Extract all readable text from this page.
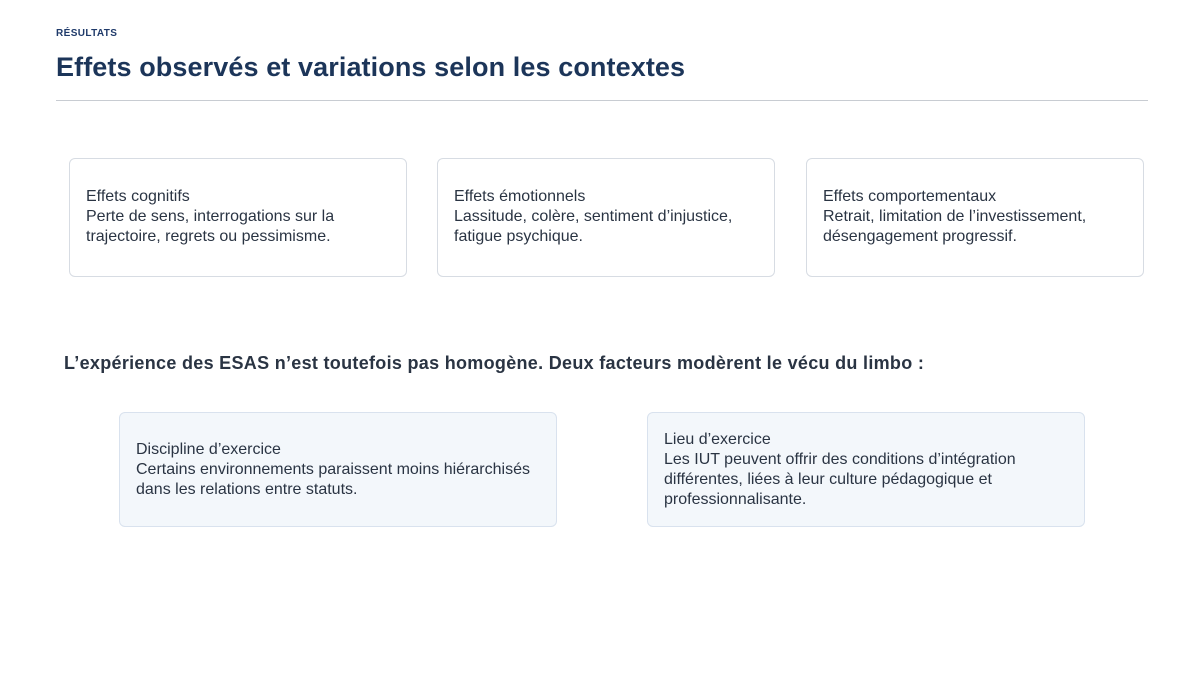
RÉSULTATS
Effets observés et variations selon les contextes
Effets cognitifs
Perte de sens, interrogations sur la
trajectoire, regrets ou pessimisme.
Effets émotionnels
Lassitude, colère, sentiment d’injustice,
fatigue psychique.
Effets comportementaux
Retrait, limitation de l’investissement,
désengagement progressif.
L’expérience des ESAS n’est toutefois pas homogène. Deux facteurs modèrent le vécu du limbo :
Discipline d’exercice
Certains environnements paraissent moins hiérarchisés
dans les relations entre statuts.
Lieu d’exercice
Les IUT peuvent offrir des conditions d’intégration
différentes, liées à leur culture pédagogique et
professionnalisante.
